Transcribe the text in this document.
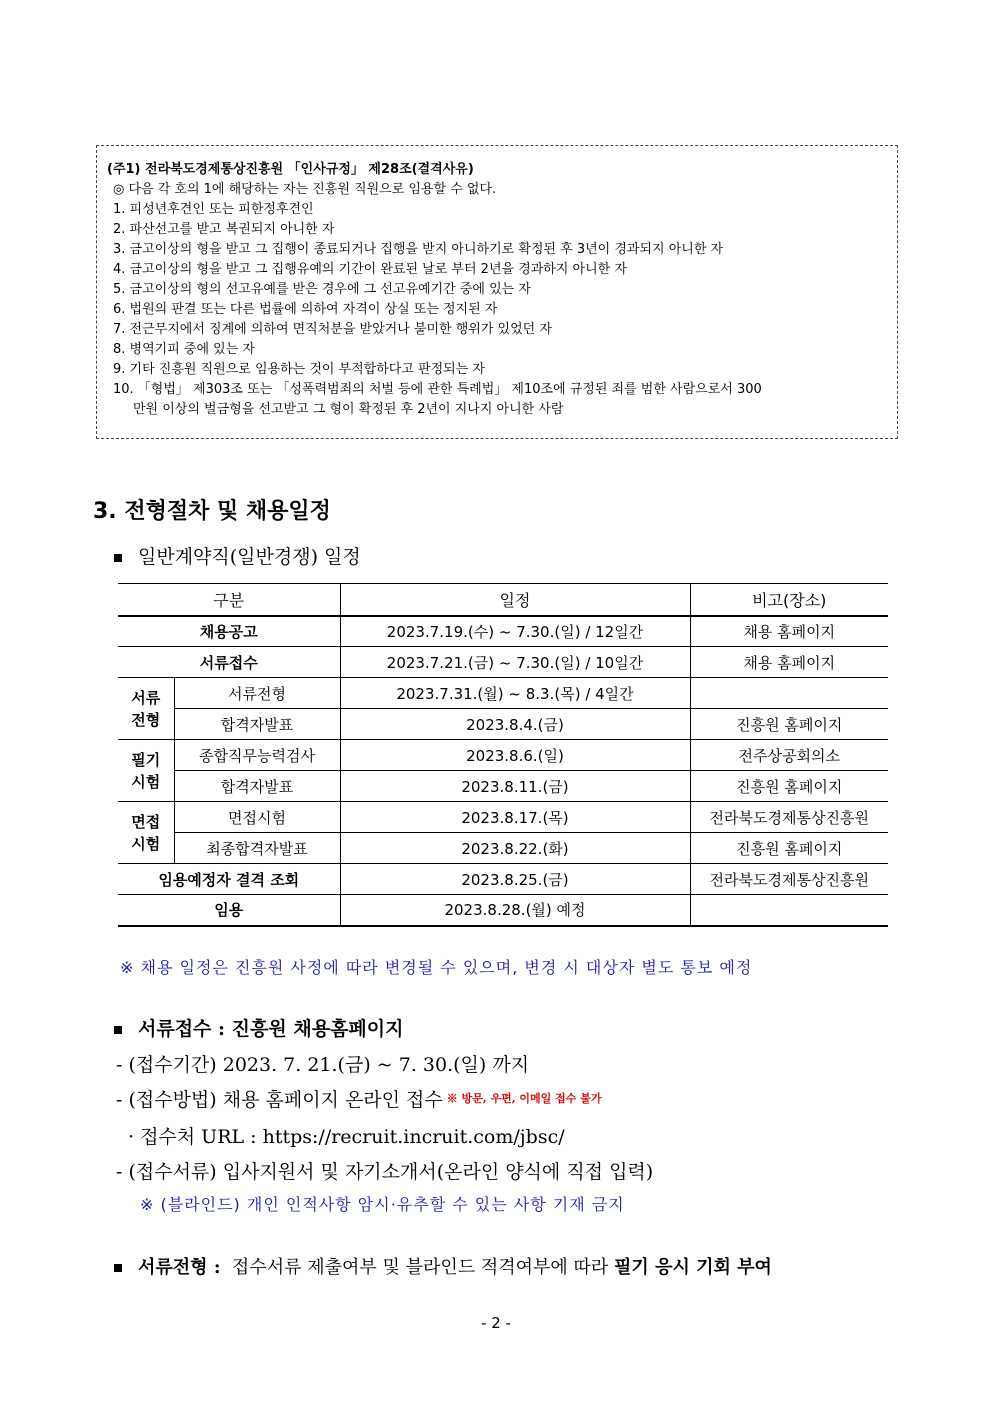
(주1) 전라북도경제통상진흥원 「인사규정」 제28조(결격사유)
◎ 다음 각 호의 1에 해당하는 자는 진흥원 직원으로 임용할 수 없다.
1. 피성년후견인 또는 피한정후견인
2. 파산선고를 받고 복권되지 아니한 자
3. 금고이상의 형을 받고 그 집행이 종료되거나 집행을 받지 아니하기로 확정된 후 3년이 경과되지 아니한 자
4. 금고이상의 형을 받고 그 집행유예의 기간이 완료된 날로 부터 2년을 경과하지 아니한 자
5. 금고이상의 형의 선고유예를 받은 경우에 그 선고유예기간 중에 있는 자
6. 법원의 판결 또는 다른 법률에 의하여 자격이 상실 또는 정지된 자
7. 전근무지에서 징계에 의하여 면직처분을 받았거나 불미한 행위가 있었던 자
8. 병역기피 중에 있는 자
9. 기타 진흥원 직원으로 임용하는 것이 부적합하다고 판정되는 자
10. 「형법」 제303조 또는 「성폭력범죄의 처벌 등에 관한 특례법」 제10조에 규정된 죄를 범한 사람으로서 300
만원 이상의 벌금형을 선고받고 그 형이 확정된 후 2년이 지나지 아니한 사람
3. 전형절차 및 채용일정
일반계약직(일반경쟁) 일정
구분		일정	비고(장소)
채용공고		2023.7.19.(수) ~ 7.30.(일) / 12일간	채용 홈페이지
서류접수		2023.7.21.(금) ~ 7.30.(일) / 10일간	채용 홈페이지
서류
전형	서류전형	2023.7.31.(월) ~ 8.3.(목) / 4일간	
	합격자발표	2023.8.4.(금)	진흥원 홈페이지
필기
시험	종합직무능력검사	2023.8.6.(일)	전주상공회의소
	합격자발표	2023.8.11.(금)	진흥원 홈페이지
면접
시험	면접시험	2023.8.17.(목)	전라북도경제통상진흥원
	최종합격자발표	2023.8.22.(화)	진흥원 홈페이지
임용예정자 결격 조회		2023.8.25.(금)	전라북도경제통상진흥원
임용		2023.8.28.(월) 예정	
※ 채용 일정은 진흥원 사정에 따라 변경될 수 있으며, 변경 시 대상자 별도 통보 예정
서류접수 : 진흥원 채용홈페이지
- (접수기간) 2023. 7. 21.(금) ~ 7. 30.(일) 까지
- (접수방법) 채용 홈페이지 온라인 접수 $^{※ 방문, 우편, 이메일 접수 불가}$
· 접수처 URL : https://recruit.incruit.com/jbsc/
- (접수서류) 입사지원서 및 자기소개서(온라인 양식에 직접 입력)
※ (블라인드) 개인 인적사항 암시·유추할 수 있는 사항 기재 금지
서류전형 : 접수서류 제출여부 및 블라인드 적격여부에 따라 필기 응시 기회 부여
- 2 -
